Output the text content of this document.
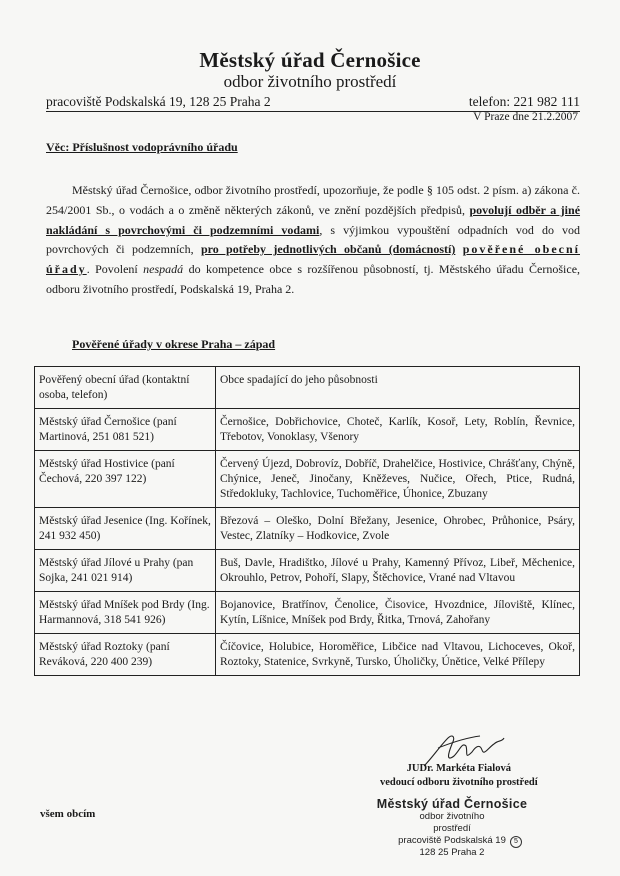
Městský úřad Černošice
odbor životního prostředí
pracoviště Podskalská 19, 128 25 Praha 2	telefon: 221 982 111
V Praze dne 21.2.2007
Věc: Příslušnost vodoprávního úřadu
Městský úřad Černošice, odbor životního prostředí, upozorňuje, že podle § 105 odst. 2 písm. a) zákona č. 254/2001 Sb., o vodách a o změně některých zákonů, ve znění pozdějších předpisů, povolují odběr a jiné nakládání s povrchovými či podzemními vodami, s výjimkou vypouštění odpadních vod do vod povrchových či podzemních, pro potřeby jednotlivých občanů (domácností) pověřené obecní úřady. Povolení nespadá do kompetence obce s rozšířenou působností, tj. Městského úřadu Černošice, odboru životního prostředí, Podskalská 19, Praha 2.
Pověřené úřady v okrese Praha – západ
Pověřený obecní úřad (kontaktní osoba, telefon)	Obce spadající do jeho působnosti
Městský úřad Černošice (paní Martinová, 251 081 521)	Černošice, Dobřichovice, Choteč, Karlík, Kosoř, Lety, Roblín, Řevnice, Třebotov, Vonoklasy, Všenory
Městský úřad Hostivice (paní Čechová, 220 397 122)	Červený Újezd, Dobrovíz, Dobříč, Drahelčice, Hostivice, Chrášťany, Chýně, Chýnice, Jeneč, Jinočany, Kněževes, Nučice, Ořech, Ptice, Rudná, Středokluky, Tachlovice, Tuchoměřice, Úhonice, Zbuzany
Městský úřad Jesenice (Ing. Kořínek, 241 932 450)	Březová – Oleško, Dolní Břežany, Jesenice, Ohrobec, Průhonice, Psáry, Vestec, Zlatníky – Hodkovice, Zvole
Městský úřad Jílové u Prahy (pan Sojka, 241 021 914)	Buš, Davle, Hradištko, Jílové u Prahy, Kamenný Přívoz, Libeř, Měchenice, Okrouhlo, Petrov, Pohoří, Slapy, Štěchovice, Vrané nad Vltavou
Městský úřad Mníšek pod Brdy (Ing. Harmannová, 318 541 926)	Bojanovice, Bratřínov, Čenolice, Čisovice, Hvozdnice, Jíloviště, Klínec, Kytín, Líšnice, Mníšek pod Brdy, Řitka, Trnová, Zahořany
Městský úřad Roztoky (paní Reváková, 220 400 239)	Číčovice, Holubice, Horoměřice, Libčice nad Vltavou, Lichoceves, Okoř, Roztoky, Statenice, Svrkyně, Tursko, Úholičky, Únětice, Velké Přílepy
JUDr. Markéta Fialová
vedoucí odboru životního prostředí
všem obcím
Městský úřad Černošice
odbor životního
prostředí
pracoviště Podskalská 19
128 25 Praha 2
5
